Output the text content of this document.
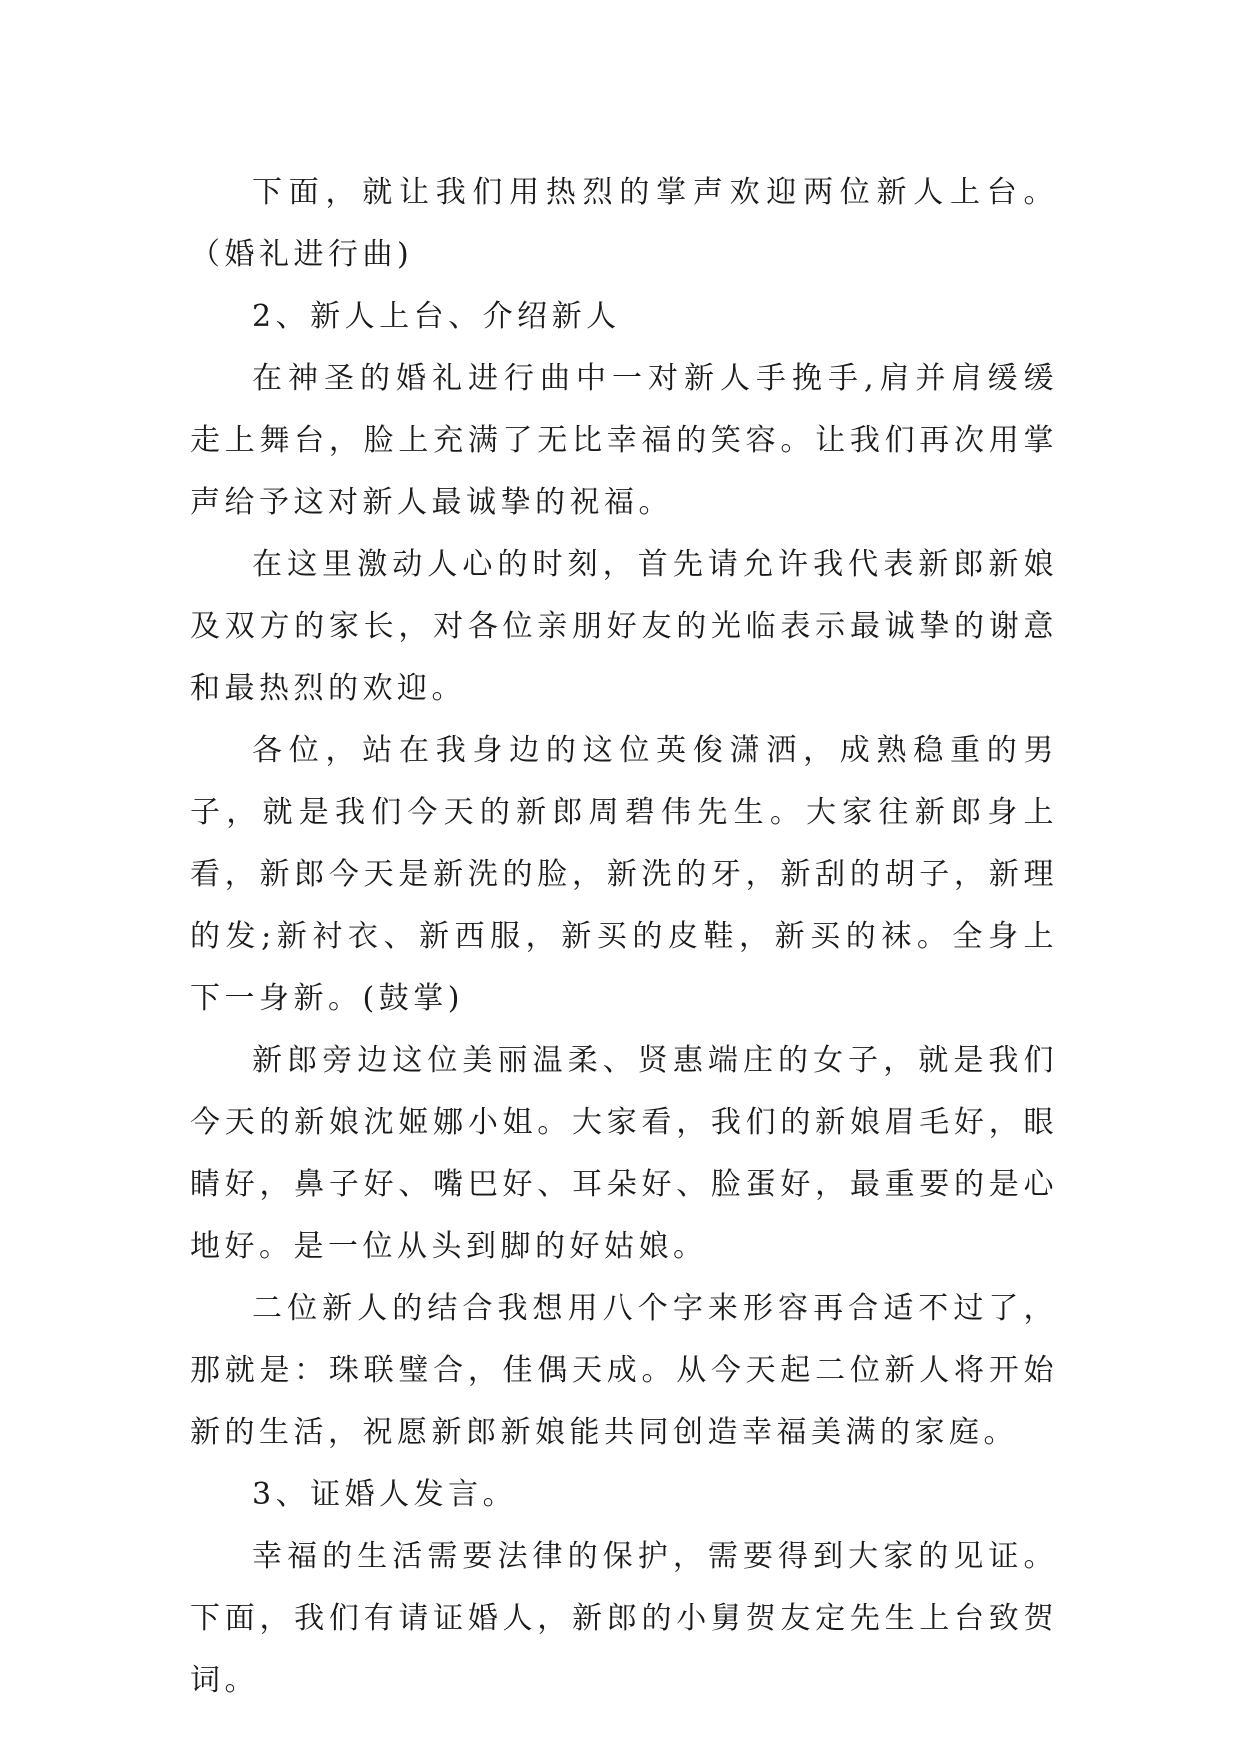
下面，就让我们用热烈的掌声欢迎两位新人上台。（婚礼进行曲)

2、新人上台、介绍新人

在神圣的婚礼进行曲中一对新人手挽手,肩并肩缓缓走上舞台，脸上充满了无比幸福的笑容。让我们再次用掌声给予这对新人最诚挚的祝福。

在这里激动人心的时刻，首先请允许我代表新郎新娘及双方的家长，对各位亲朋好友的光临表示最诚挚的谢意和最热烈的欢迎。

各位，站在我身边的这位英俊潇洒，成熟稳重的男子，就是我们今天的新郎周碧伟先生。大家往新郎身上看，新郎今天是新洗的脸，新洗的牙，新刮的胡子，新理的发;新衬衣、新西服，新买的皮鞋，新买的袜。全身上下一身新。(鼓掌)

新郎旁边这位美丽温柔、贤惠端庄的女子，就是我们今天的新娘沈姬娜小姐。大家看，我们的新娘眉毛好，眼睛好，鼻子好、嘴巴好、耳朵好、脸蛋好，最重要的是心地好。是一位从头到脚的好姑娘。

二位新人的结合我想用八个字来形容再合适不过了，那就是：珠联璧合，佳偶天成。从今天起二位新人将开始新的生活，祝愿新郎新娘能共同创造幸福美满的家庭。

3、证婚人发言。

幸福的生活需要法律的保护，需要得到大家的见证。下面，我们有请证婚人，新郎的小舅贺友定先生上台致贺词。
